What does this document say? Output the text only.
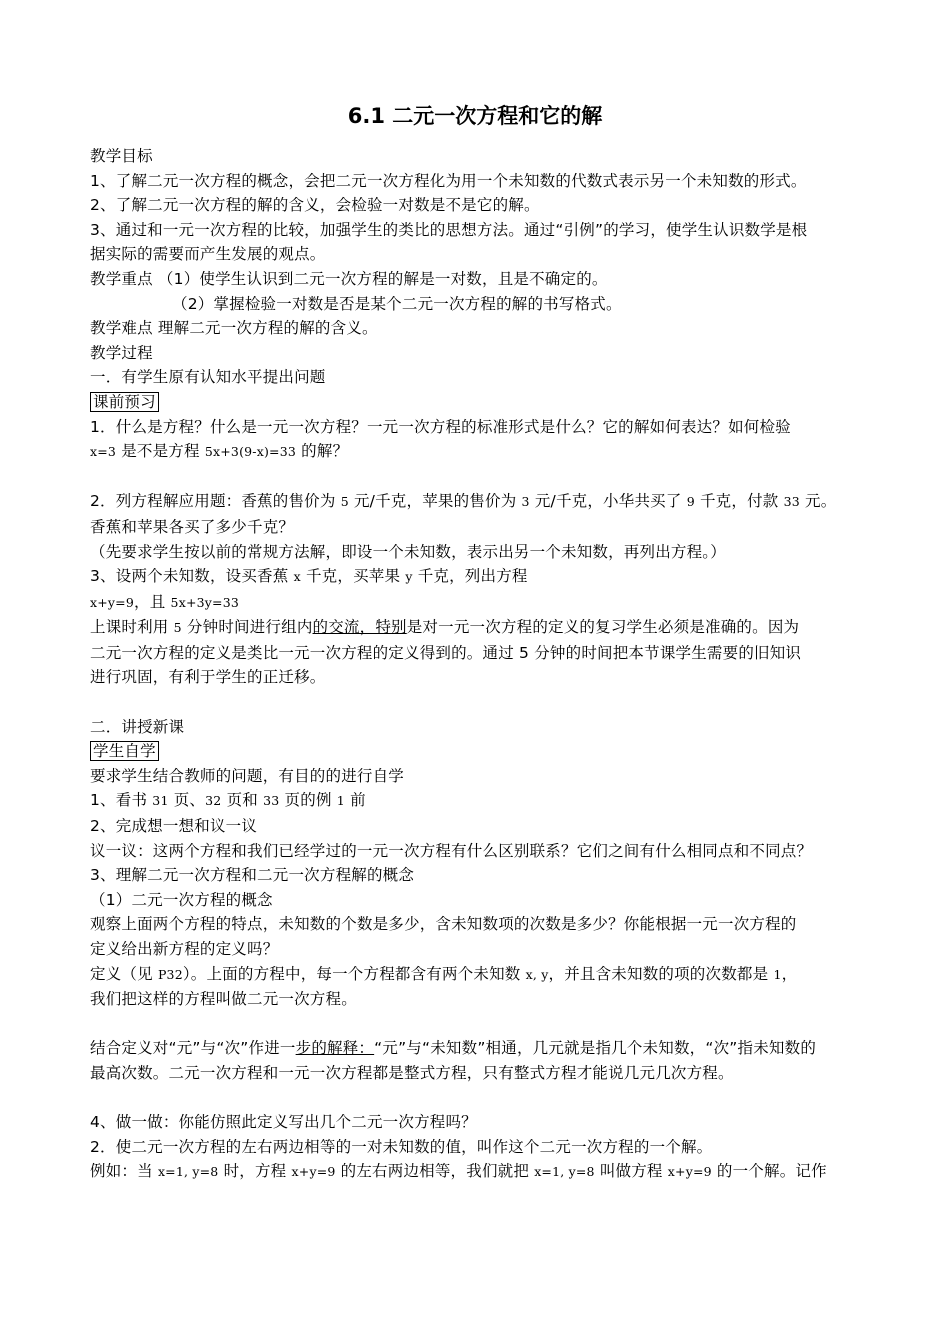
6.1 二元一次方程和它的解
教学目标
1、了解二元一次方程的概念，会把二元一次方程化为用一个未知数的代数式表示另一个未知数的形式。
2、了解二元一次方程的解的含义，会检验一对数是不是它的解。
3、通过和一元一次方程的比较，加强学生的类比的思想方法。通过“引例”的学习，使学生认识数学是根
据实际的需要而产生发展的观点。
教学重点 （1）使学生认识到二元一次方程的解是一对数，且是不确定的。
（2）掌握检验一对数是否是某个二元一次方程的解的书写格式。
教学难点 理解二元一次方程的解的含义。
教学过程
一．有学生原有认知水平提出问题
课前预习
1．什么是方程？什么是一元一次方程？一元一次方程的标准形式是什么？它的解如何表达？如何检验
x=3 是不是方程 5x+3(9-x)=33 的解？
2．列方程解应用题：香蕉的售价为 5 元/千克，苹果的售价为 3 元/千克，小华共买了 9 千克，付款 33 元。
香蕉和苹果各买了多少千克？
（先要求学生按以前的常规方法解，即设一个未知数，表示出另一个未知数，再列出方程。）
3、设两个未知数，设买香蕉 x 千克，买苹果 y 千克，列出方程
x+y=9，且 5x+3y=33
上课时利用 5 分钟时间进行组内的交流，特别是对一元一次方程的定义的复习学生必须是准确的。因为
二元一次方程的定义是类比一元一次方程的定义得到的。通过 5 分钟的时间把本节课学生需要的旧知识
进行巩固，有利于学生的正迁移。
二．讲授新课
学生自学
要求学生结合教师的问题，有目的的进行自学
1、看书 31 页、32 页和 33 页的例 1 前
2、完成想一想和议一议
议一议：这两个方程和我们已经学过的一元一次方程有什么区别联系？它们之间有什么相同点和不同点？
3、理解二元一次方程和二元一次方程解的概念
（1）二元一次方程的概念
观察上面两个方程的特点，未知数的个数是多少，含未知数项的次数是多少？你能根据一元一次方程的
定义给出新方程的定义吗？
定义（见 P32）。上面的方程中，每一个方程都含有两个未知数 x, y，并且含未知数的项的次数都是 1，
我们把这样的方程叫做二元一次方程。
结合定义对“元”与“次”作进一步的解释：“元”与“未知数”相通，几元就是指几个未知数，“次”指未知数的
最高次数。二元一次方程和一元一次方程都是整式方程，只有整式方程才能说几元几次方程。
4、做一做：你能仿照此定义写出几个二元一次方程吗？
2．使二元一次方程的左右两边相等的一对未知数的值，叫作这个二元一次方程的一个解。
例如：当 x=1, y=8 时，方程 x+y=9 的左右两边相等，我们就把 x=1, y=8 叫做方程 x+y=9 的一个解。记作
